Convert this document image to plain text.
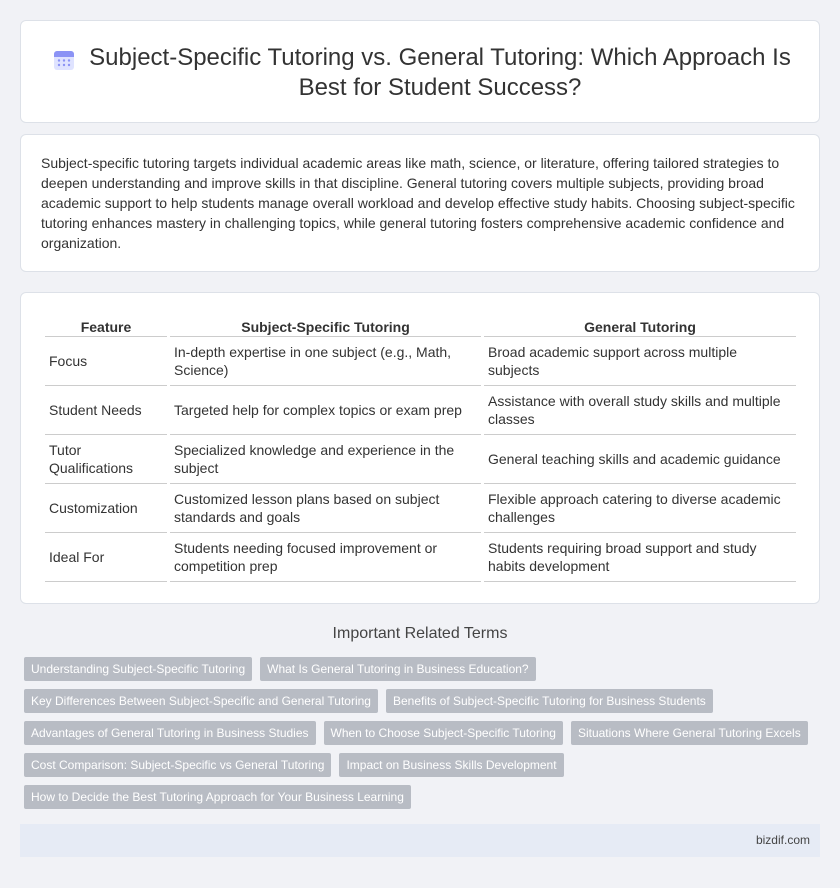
Subject-Specific Tutoring vs. General Tutoring: Which Approach Is Best for Student Success?

Subject-specific tutoring targets individual academic areas like math, science, or literature, offering tailored strategies to deepen understanding and improve skills in that discipline. General tutoring covers multiple subjects, providing broad academic support to help students manage overall workload and develop effective study habits. Choosing subject-specific tutoring enhances mastery in challenging topics, while general tutoring fosters comprehensive academic confidence and organization.

Feature	Subject-Specific Tutoring	General Tutoring
Focus	In-depth expertise in one subject (e.g., Math, Science)	Broad academic support across multiple subjects
Student Needs	Targeted help for complex topics or exam prep	Assistance with overall study skills and multiple classes
Tutor Qualifications	Specialized knowledge and experience in the subject	General teaching skills and academic guidance
Customization	Customized lesson plans based on subject standards and goals	Flexible approach catering to diverse academic challenges
Ideal For	Students needing focused improvement or competition prep	Students requiring broad support and study habits development
Important Related Terms
Understanding Subject-Specific Tutoring	What Is General Tutoring in Business Education?
Key Differences Between Subject-Specific and General Tutoring	Benefits of Subject-Specific Tutoring for Business Students
Advantages of General Tutoring in Business Studies	When to Choose Subject-Specific Tutoring	Situations Where General Tutoring Excels
Cost Comparison: Subject-Specific vs General Tutoring	Impact on Business Skills Development
How to Decide the Best Tutoring Approach for Your Business Learning
bizdif.com
